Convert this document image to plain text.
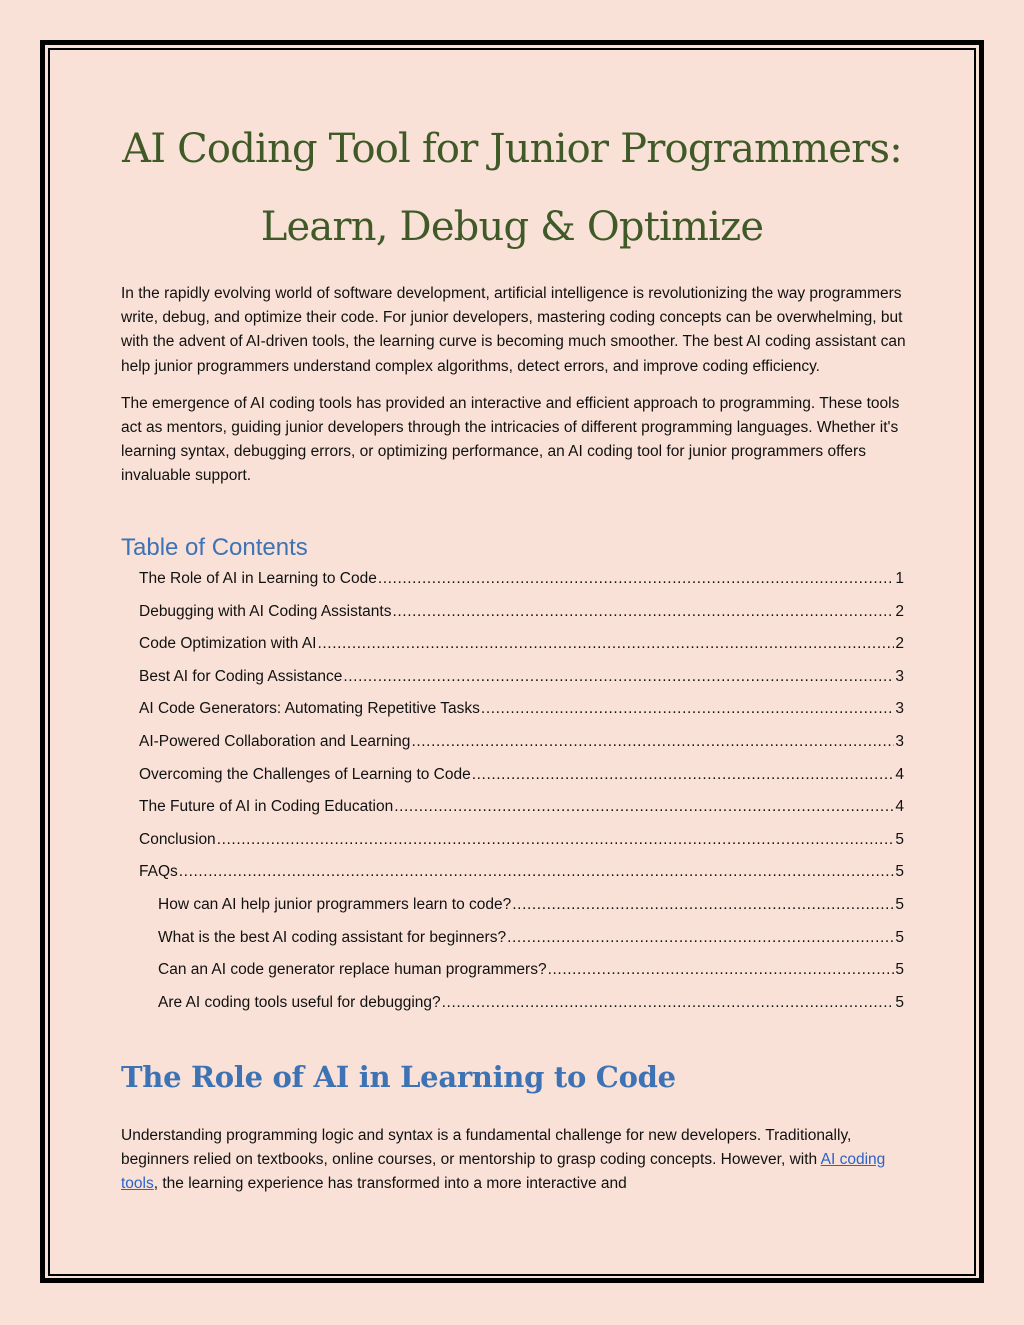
AI Coding Tool for Junior Programmers:
Learn, Debug & Optimize

In the rapidly evolving world of software development, artificial intelligence is revolutionizing the way programmers write, debug, and optimize their code. For junior developers, mastering coding concepts can be overwhelming, but with the advent of AI-driven tools, the learning curve is becoming much smoother. The best AI coding assistant can help junior programmers understand complex algorithms, detect errors, and improve coding efficiency.

The emergence of AI coding tools has provided an interactive and efficient approach to programming. These tools act as mentors, guiding junior developers through the intricacies of different programming languages. Whether it's learning syntax, debugging errors, or optimizing performance, an AI coding tool for junior programmers offers invaluable support.

Table of Contents
The Role of AI in Learning to Code .....	1
Debugging with AI Coding Assistants .....	2
Code Optimization with AI .....	2
Best AI for Coding Assistance .....	3
AI Code Generators: Automating Repetitive Tasks .....	3
AI-Powered Collaboration and Learning .....	3
Overcoming the Challenges of Learning to Code .....	4
The Future of AI in Coding Education .....	4
Conclusion .....	5
FAQs .....	5
How can AI help junior programmers learn to code? .....	5
What is the best AI coding assistant for beginners? .....	5
Can an AI code generator replace human programmers? .....	5
Are AI coding tools useful for debugging? .....	5
The Role of AI in Learning to Code

Understanding programming logic and syntax is a fundamental challenge for new developers. Traditionally, beginners relied on textbooks, online courses, or mentorship to grasp coding concepts. However, with AI coding tools, the learning experience has transformed into a more interactive and
